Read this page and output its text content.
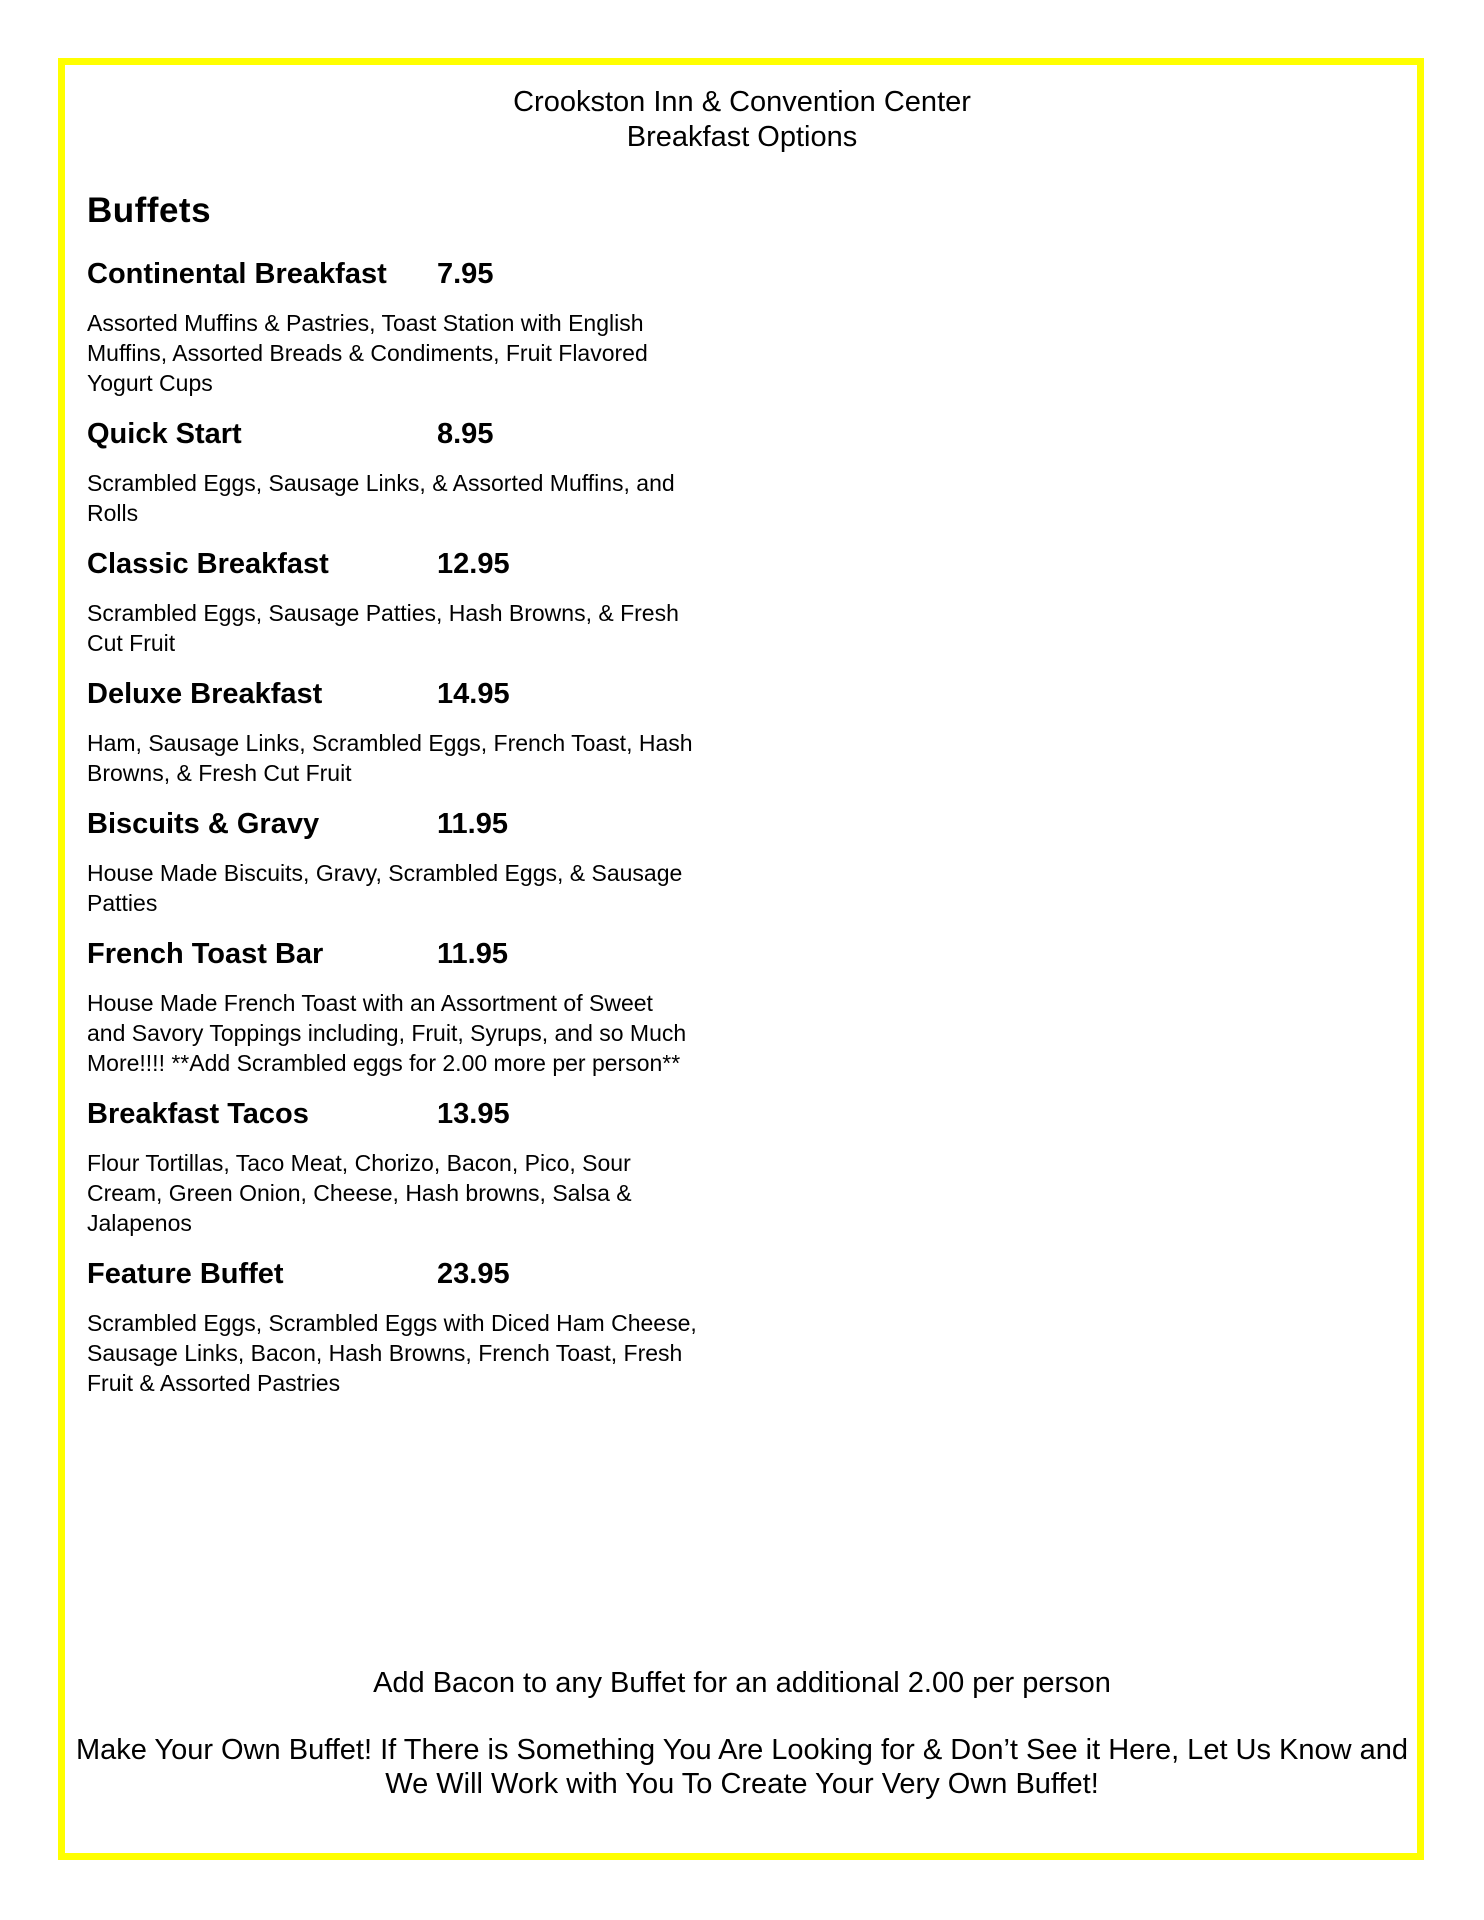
Crookston Inn & Convention Center
Breakfast Options
Buffets
Continental Breakfast 7.95
Assorted Muffins & Pastries, Toast Station with English Muffins, Assorted Breads & Condiments, Fruit Flavored Yogurt Cups
Quick Start	8.95
Scrambled Eggs, Sausage Links, & Assorted Muffins, and Rolls
Classic Breakfast	12.95
Scrambled Eggs, Sausage Patties, Hash Browns, & Fresh Cut Fruit
Deluxe Breakfast	14.95
Ham, Sausage Links, Scrambled Eggs, French Toast, Hash Browns, & Fresh Cut Fruit
Biscuits & Gravy	11.95
House Made Biscuits, Gravy, Scrambled Eggs, & Sausage Patties
French Toast Bar	11.95
House Made French Toast with an Assortment of Sweet and Savory Toppings including, Fruit, Syrups, and so Much More!!!! **Add Scrambled eggs for 2.00 more per person**
Breakfast Tacos	13.95
Flour Tortillas, Taco Meat, Chorizo, Bacon, Pico, Sour Cream, Green Onion, Cheese, Hash browns, Salsa & Jalapenos
Feature Buffet	23.95
Scrambled Eggs, Scrambled Eggs with Diced Ham Cheese, Sausage Links, Bacon, Hash Browns, French Toast, Fresh Fruit & Assorted Pastries
Add Bacon to any Buffet for an additional 2.00 per person
Make Your Own Buffet! If There is Something You Are Looking for & Don’t See it Here, Let Us Know and We Will Work with You To Create Your Very Own Buffet!
